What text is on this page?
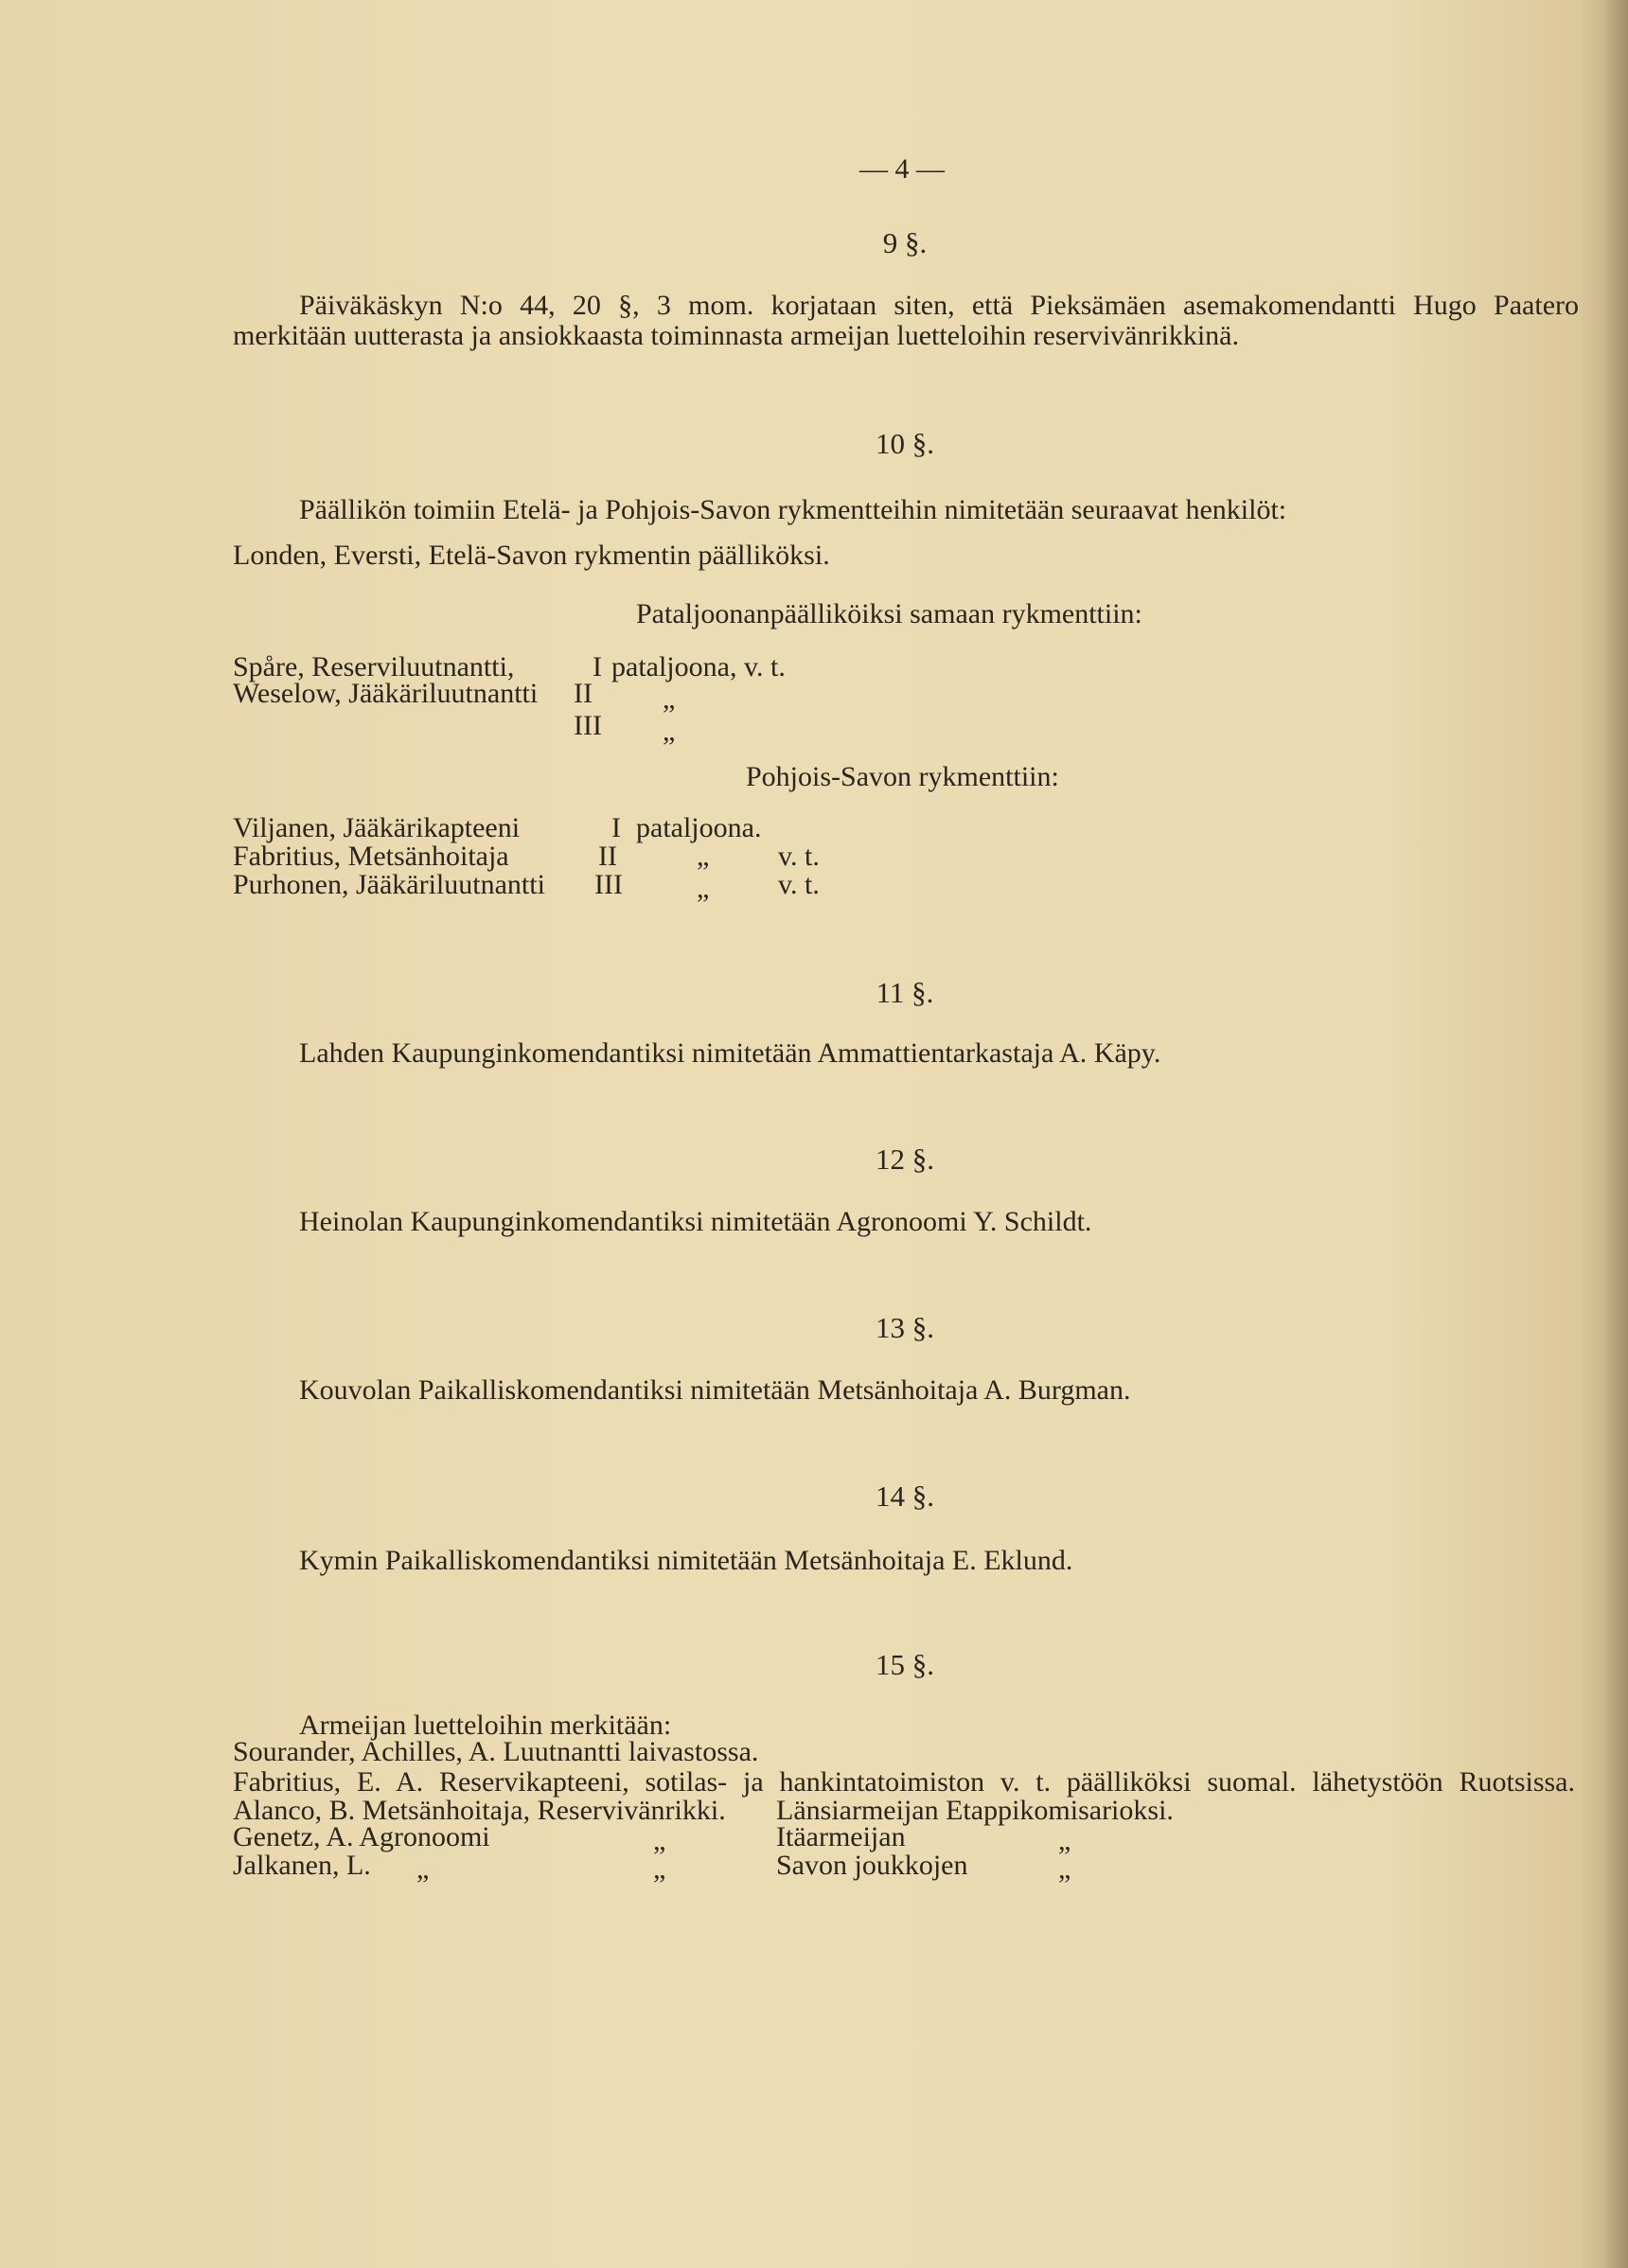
— 4 —
9 §.
Päiväkäskyn N:o 44, 20 §, 3 mom. korjataan siten, että Pieksämäen asemakomendantti Hugo Paatero
merkitään uutterasta ja ansiokkaasta toiminnasta armeijan luetteloihin reservivänrikkinä.
10 §.
Päällikön toimiin Etelä- ja Pohjois-Savon rykmentteihin nimitetään seuraavat henkilöt:
Londen, Eversti, Etelä-Savon rykmentin päälliköksi.
Pataljoonanpäälliköiksi samaan rykmenttiin:
Spåre, Reserviluutnantti,	I pataljoona, v. t.
Weselow, Jääkäriluutnantti II „
III „
Pohjois-Savon rykmenttiin:
Viljanen, Jääkärikapteeni	I pataljoona.
Fabritius, Metsänhoitaja	II	„ v. t.
Purhonen, Jääkäriluutnantti III	„ v. t.
11 §.
Lahden Kaupunginkomendantiksi nimitetään Ammattientarkastaja A. Käpy.
12 §.
Heinolan Kaupunginkomendantiksi nimitetään Agronoomi Y. Schildt.
13 §.
Kouvolan Paikalliskomendantiksi nimitetään Metsänhoitaja A. Burgman.
14 §.
Kymin Paikalliskomendantiksi nimitetään Metsänhoitaja E. Eklund.
15 §.
Armeijan luetteloihin merkitään:
Sourander, Achilles, A. Luutnantti laivastossa.
Fabritius, E. A. Reservikapteeni, sotilas- ja hankintatoimiston v. t. päälliköksi suomal. lähetystöön Ruotsissa.
Alanco, B. Metsänhoitaja, Reservivänrikki. Länsiarmeijan Etappikomisarioksi.
Genetz, A. Agronoomi	„	Itäarmeijan	„
Jalkanen, L. „	„	Savon joukkojen	„
